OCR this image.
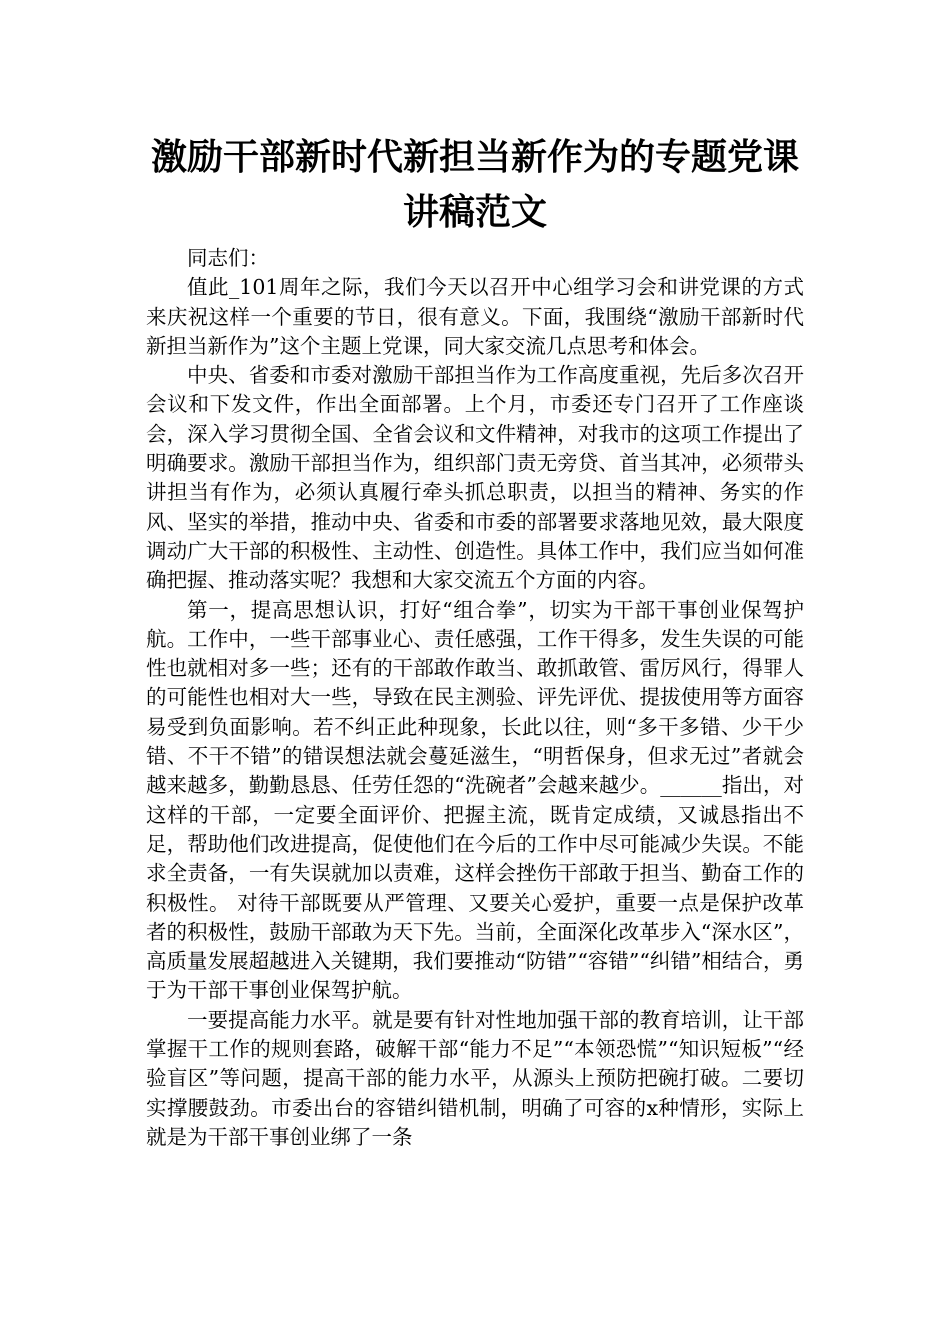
激励干部新时代新担当新作为的专题党课
讲稿范文

同志们：

值此_101周年之际，我们今天以召开中心组学习会和讲党课的方式来庆祝这样一个重要的节日，很有意义。下面，我围绕“激励干部新时代新担当新作为”这个主题上党课，同大家交流几点思考和体会。

中央、省委和市委对激励干部担当作为工作高度重视，先后多次召开会议和下发文件，作出全面部署。上个月，市委还专门召开了工作座谈会，深入学习贯彻全国、全省会议和文件精神，对我市的这项工作提出了明确要求。激励干部担当作为，组织部门责无旁贷、首当其冲，必须带头讲担当有作为，必须认真履行牵头抓总职责，以担当的精神、务实的作风、坚实的举措，推动中央、省委和市委的部署要求落地见效，最大限度调动广大干部的积极性、主动性、创造性。具体工作中，我们应当如何准确把握、推动落实呢？我想和大家交流五个方面的内容。

第一，提高思想认识，打好“组合拳”，切实为干部干事创业保驾护航。工作中，一些干部事业心、责任感强，工作干得多，发生失误的可能性也就相对多一些；还有的干部敢作敢当、敢抓敢管、雷厉风行，得罪人的可能性也相对大一些，导致在民主测验、评先评优、提拔使用等方面容易受到负面影响。若不纠正此种现象，长此以往，则“多干多错、少干少错、不干不错”的错误想法就会蔓延滋生，“明哲保身，但求无过”者就会越来越多，勤勤恳恳、任劳任怨的“洗碗者”会越来越少。______指出，对这样的干部，一定要全面评价、把握主流，既肯定成绩，又诚恳指出不足，帮助他们改进提高，促使他们在今后的工作中尽可能减少失误。不能求全责备，一有失误就加以责难，这样会挫伤干部敢于担当、勤奋工作的积极性。 对待干部既要从严管理、又要关心爱护，重要一点是保护改革者的积极性，鼓励干部敢为天下先。当前，全面深化改革步入“深水区”，高质量发展超越进入关键期，我们要推动“防错”“容错”“纠错”相结合，勇于为干部干事创业保驾护航。

一要提高能力水平。就是要有针对性地加强干部的教育培训，让干部掌握干工作的规则套路，破解干部“能力不足”“本领恐慌”“知识短板”“经验盲区”等问题，提高干部的能力水平，从源头上预防把碗打破。二要切实撑腰鼓劲。市委出台的容错纠错机制，明确了可容的x种情形，实际上就是为干部干事创业绑了一条
